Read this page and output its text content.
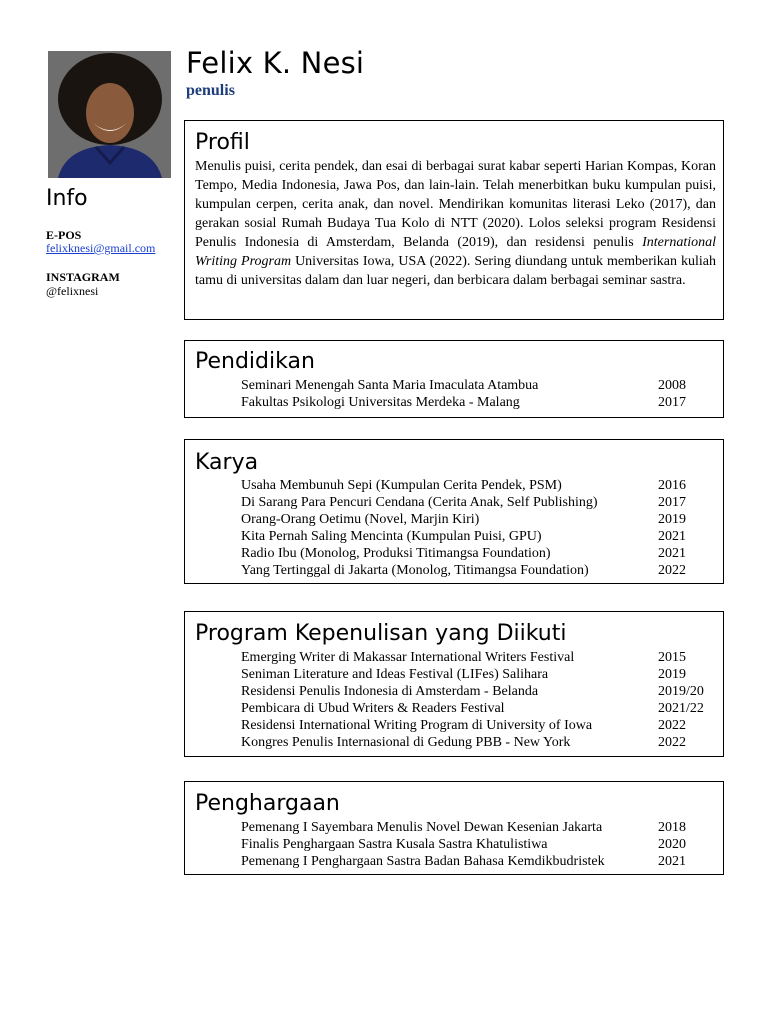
Felix K. Nesi
penulis
Info
E-POS
felixknesi@gmail.com
INSTAGRAM
@felixnesi
Profil
Menulis puisi, cerita pendek, dan esai di berbagai surat kabar seperti Harian Kompas, Koran Tempo, Media Indonesia, Jawa Pos, dan lain-lain. Telah menerbitkan buku kumpulan puisi, kumpulan cerpen, cerita anak, dan novel. Mendirikan komunitas literasi Leko (2017), dan gerakan sosial Rumah Budaya Tua Kolo di NTT (2020). Lolos seleksi program Residensi Penulis Indonesia di Amsterdam, Belanda (2019), dan residensi penulis International Writing Program Universitas Iowa, USA (2022). Sering diundang untuk memberikan kuliah tamu di universitas dalam dan luar negeri, dan berbicara dalam berbagai seminar sastra.
Pendidikan
Seminari Menengah Santa Maria Imaculata Atambua	2008
Fakultas Psikologi Universitas Merdeka - Malang	2017
Karya
Usaha Membunuh Sepi (Kumpulan Cerita Pendek, PSM)	2016
Di Sarang Para Pencuri Cendana (Cerita Anak, Self Publishing)	2017
Orang-Orang Oetimu (Novel, Marjin Kiri)	2019
Kita Pernah Saling Mencinta (Kumpulan Puisi, GPU)	2021
Radio Ibu (Monolog, Produksi Titimangsa Foundation)	2021
Yang Tertinggal di Jakarta (Monolog, Titimangsa Foundation)	2022
Program Kepenulisan yang Diikuti
Emerging Writer di Makassar International Writers Festival	2015
Seniman Literature and Ideas Festival (LIFes) Salihara	2019
Residensi Penulis Indonesia di Amsterdam - Belanda	2019/20
Pembicara di Ubud Writers & Readers Festival	2021/22
Residensi International Writing Program di University of Iowa	2022
Kongres Penulis Internasional di Gedung PBB - New York	2022
Penghargaan
Pemenang I Sayembara Menulis Novel Dewan Kesenian Jakarta	2018
Finalis Penghargaan Sastra Kusala Sastra Khatulistiwa	2020
Pemenang I Penghargaan Sastra Badan Bahasa Kemdikbudristek	2021
